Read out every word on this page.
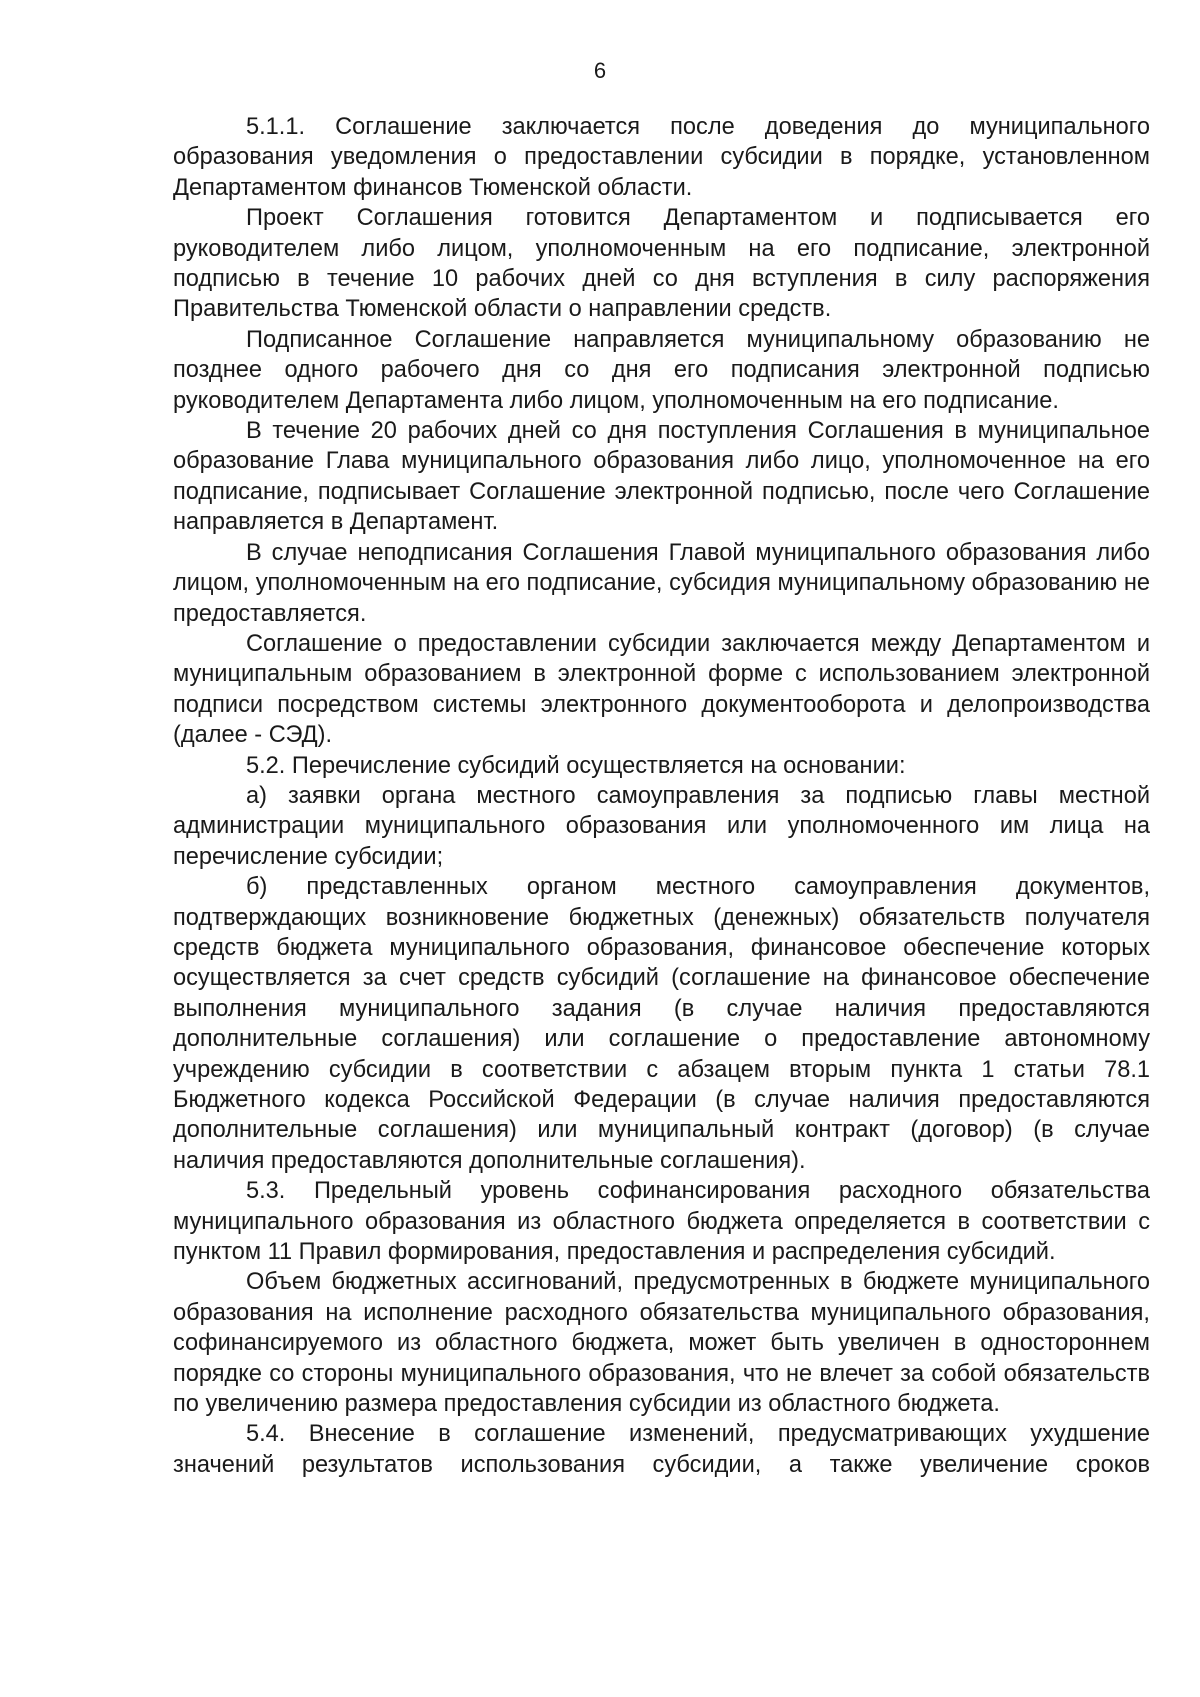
6

5.1.1. Соглашение заключается после доведения до муниципального образования уведомления о предоставлении субсидии в порядке, установленном Департаментом финансов Тюменской области.

Проект Соглашения готовится Департаментом и подписывается его руководителем либо лицом, уполномоченным на его подписание, электронной подписью в течение 10 рабочих дней со дня вступления в силу распоряжения Правительства Тюменской области о направлении средств.

Подписанное Соглашение направляется муниципальному образованию не позднее одного рабочего дня со дня его подписания электронной подписью руководителем Департамента либо лицом, уполномоченным на его подписание.

В течение 20 рабочих дней со дня поступления Соглашения в муниципальное образование Глава муниципального образования либо лицо, уполномоченное на его подписание, подписывает Соглашение электронной подписью, после чего Соглашение направляется в Департамент.

В случае неподписания Соглашения Главой муниципального образования либо лицом, уполномоченным на его подписание, субсидия муниципальному образованию не предоставляется.

Соглашение о предоставлении субсидии заключается между Департаментом и муниципальным образованием в электронной форме с использованием электронной подписи посредством системы электронного документооборота и делопроизводства (далее - СЭД).

5.2. Перечисление субсидий осуществляется на основании:

а) заявки органа местного самоуправления за подписью главы местной администрации муниципального образования или уполномоченного им лица на перечисление субсидии;

б) представленных органом местного самоуправления документов, подтверждающих возникновение бюджетных (денежных) обязательств получателя средств бюджета муниципального образования, финансовое обеспечение которых осуществляется за счет средств субсидий (соглашение на финансовое обеспечение выполнения муниципального задания (в случае наличия предоставляются дополнительные соглашения) или соглашение о предоставление автономному учреждению субсидии в соответствии с абзацем вторым пункта 1 статьи 78.1 Бюджетного кодекса Российской Федерации (в случае наличия предоставляются дополнительные соглашения) или муниципальный контракт (договор) (в случае наличия предоставляются дополнительные соглашения).

5.3. Предельный уровень софинансирования расходного обязательства муниципального образования из областного бюджета определяется в соответствии с пунктом 11 Правил формирования, предоставления и распределения субсидий.

Объем бюджетных ассигнований, предусмотренных в бюджете муниципального образования на исполнение расходного обязательства муниципального образования, софинансируемого из областного бюджета, может быть увеличен в одностороннем порядке со стороны муниципального образования, что не влечет за собой обязательств по увеличению размера предоставления субсидии из областного бюджета.

5.4. Внесение в соглашение изменений, предусматривающих ухудшение значений результатов использования субсидии, а также увеличение сроков
